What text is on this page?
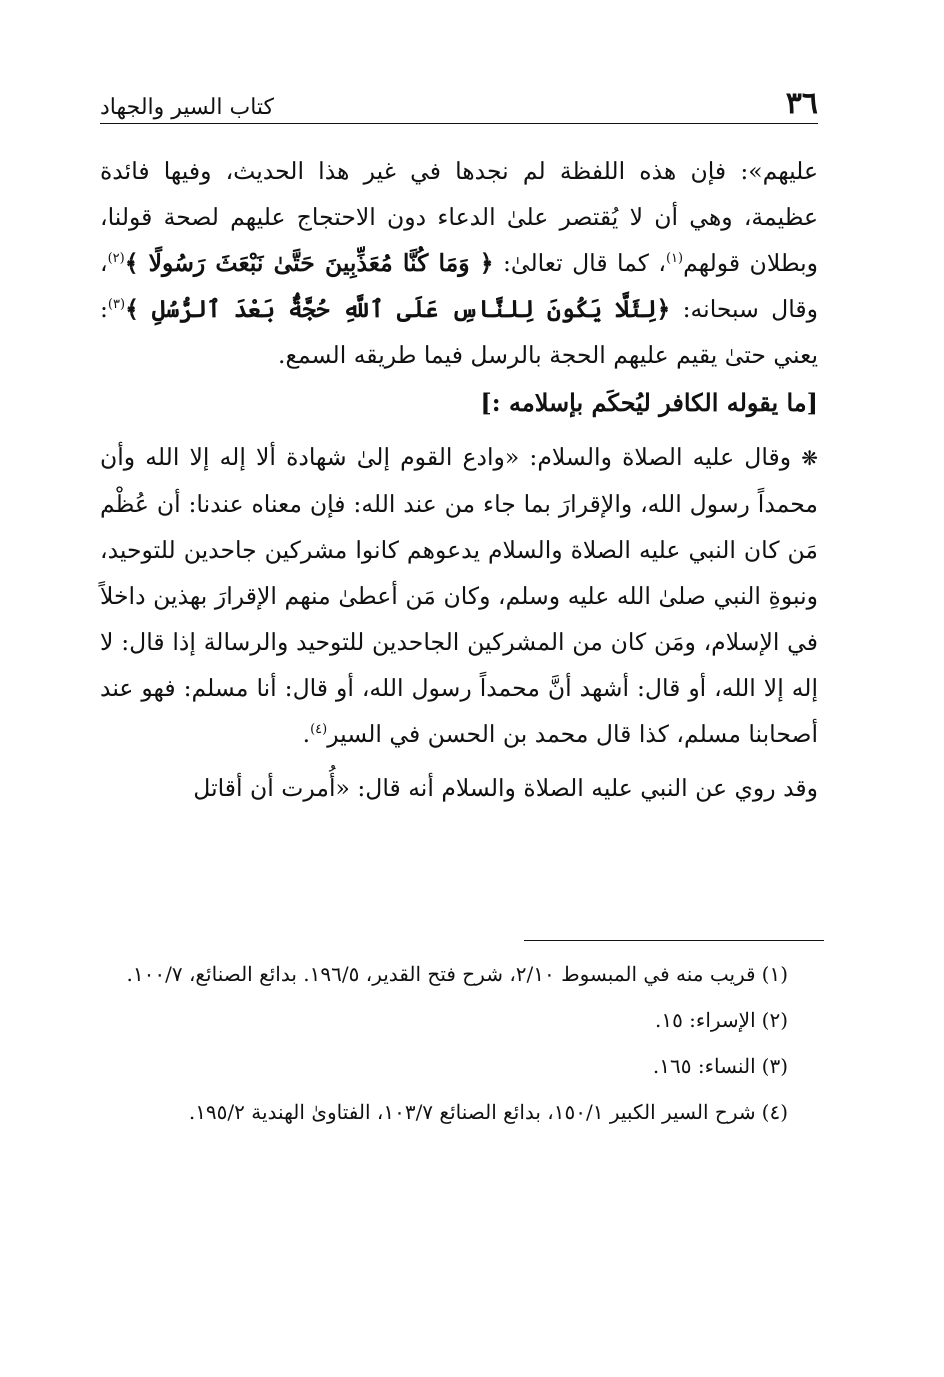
٣٦
كتاب السير والجهاد

عليهم»: فإن هذه اللفظة لم نجدها في غير هذا الحديث، وفيها فائدة عظيمة، وهي أن لا يُقتصر علىٰ الدعاء دون الاحتجاج عليهم لصحة قولنا، وبطلان قولهم$^{(١)}$، كما قال تعالىٰ: ﴿ وَمَا كُنَّا مُعَذِّبِينَ حَتَّىٰ نَبْعَثَ رَسُولًا ﴾$^{(٢)}$، وقال سبحانه: ﴿لِئَلَّا يَكُونَ لِلنَّاسِ عَلَى ٱللَّهِ حُجَّةٌۢ بَعْدَ ٱلرُّسُلِ ﴾$^{(٣)}$: يعني حتىٰ يقيم عليهم الحجة بالرسل فيما طريقه السمع.

[ما يقوله الكافر ليُحكَم بإسلامه :]

❋ وقال عليه الصلاة والسلام: «وادع القوم إلىٰ شهادة ألا إله إلا الله وأن محمداً رسول الله، والإقرارَ بما جاء من عند الله: فإن معناه عندنا: أن عُظْم مَن كان النبي عليه الصلاة والسلام يدعوهم كانوا مشركين جاحدين للتوحيد، ونبوةِ النبي صلىٰ الله عليه وسلم، وكان مَن أعطىٰ منهم الإقرارَ بهذين داخلاً في الإسلام، ومَن كان من المشركين الجاحدين للتوحيد والرسالة إذا قال: لا إله إلا الله، أو قال: أشهد أنَّ محمداً رسول الله، أو قال: أنا مسلم: فهو عند أصحابنا مسلم، كذا قال محمد بن الحسن في السير$^{(٤)}$.

وقد روي عن النبي عليه الصلاة والسلام أنه قال: «أُمرت أن أقاتل

(١)قريب منه في المبسوط ٢/١٠، شرح فتح القدير، ١٩٦/٥. بدائع الصنائع، ١٠٠/٧.

(٢)الإسراء: ١٥.

(٣)النساء: ١٦٥.

(٤)شرح السير الكبير ١٥٠/١، بدائع الصنائع ١٠٣/٧، الفتاوىٰ الهندية ١٩٥/٢.
